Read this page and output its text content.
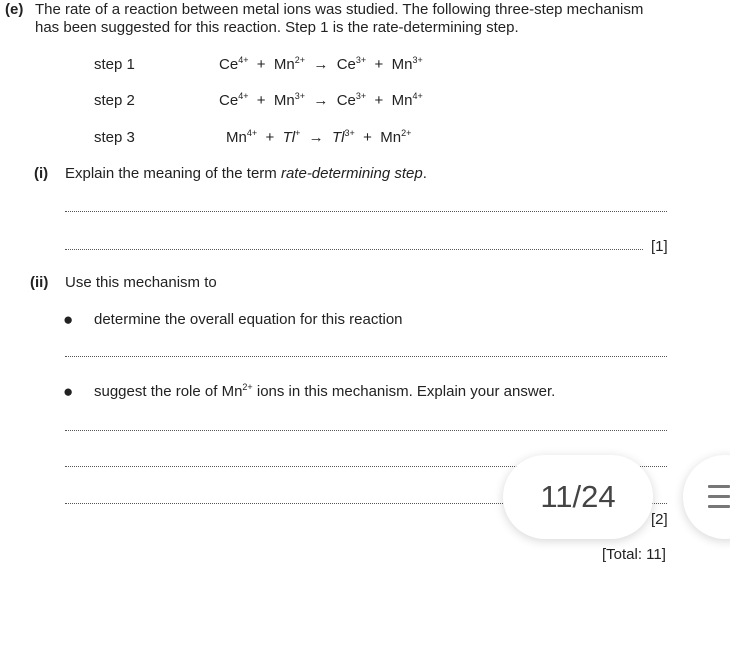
(e) The rate of a reaction between metal ions was studied. The following three-step mechanism
has been suggested for this reaction. Step 1 is the rate-determining step.
step 1	$Ce^{4+} + Mn^{2+} \to Ce^{3+} + Mn^{3+}$
step 2	$Ce^{4+} + Mn^{3+} \to Ce^{3+} + Mn^{4+}$
step 3	$Mn^{4+} + Tl^+ \to Tl^{3+} + Mn^{2+}$
(i) Explain the meaning of the term rate-determining step.
[1]
(ii) Use this mechanism to
● determine the overall equation for this reaction
● suggest the role of $Mn^{2+}$ ions in this mechanism. Explain your answer.
[2]
[Total: 11]
11/24
